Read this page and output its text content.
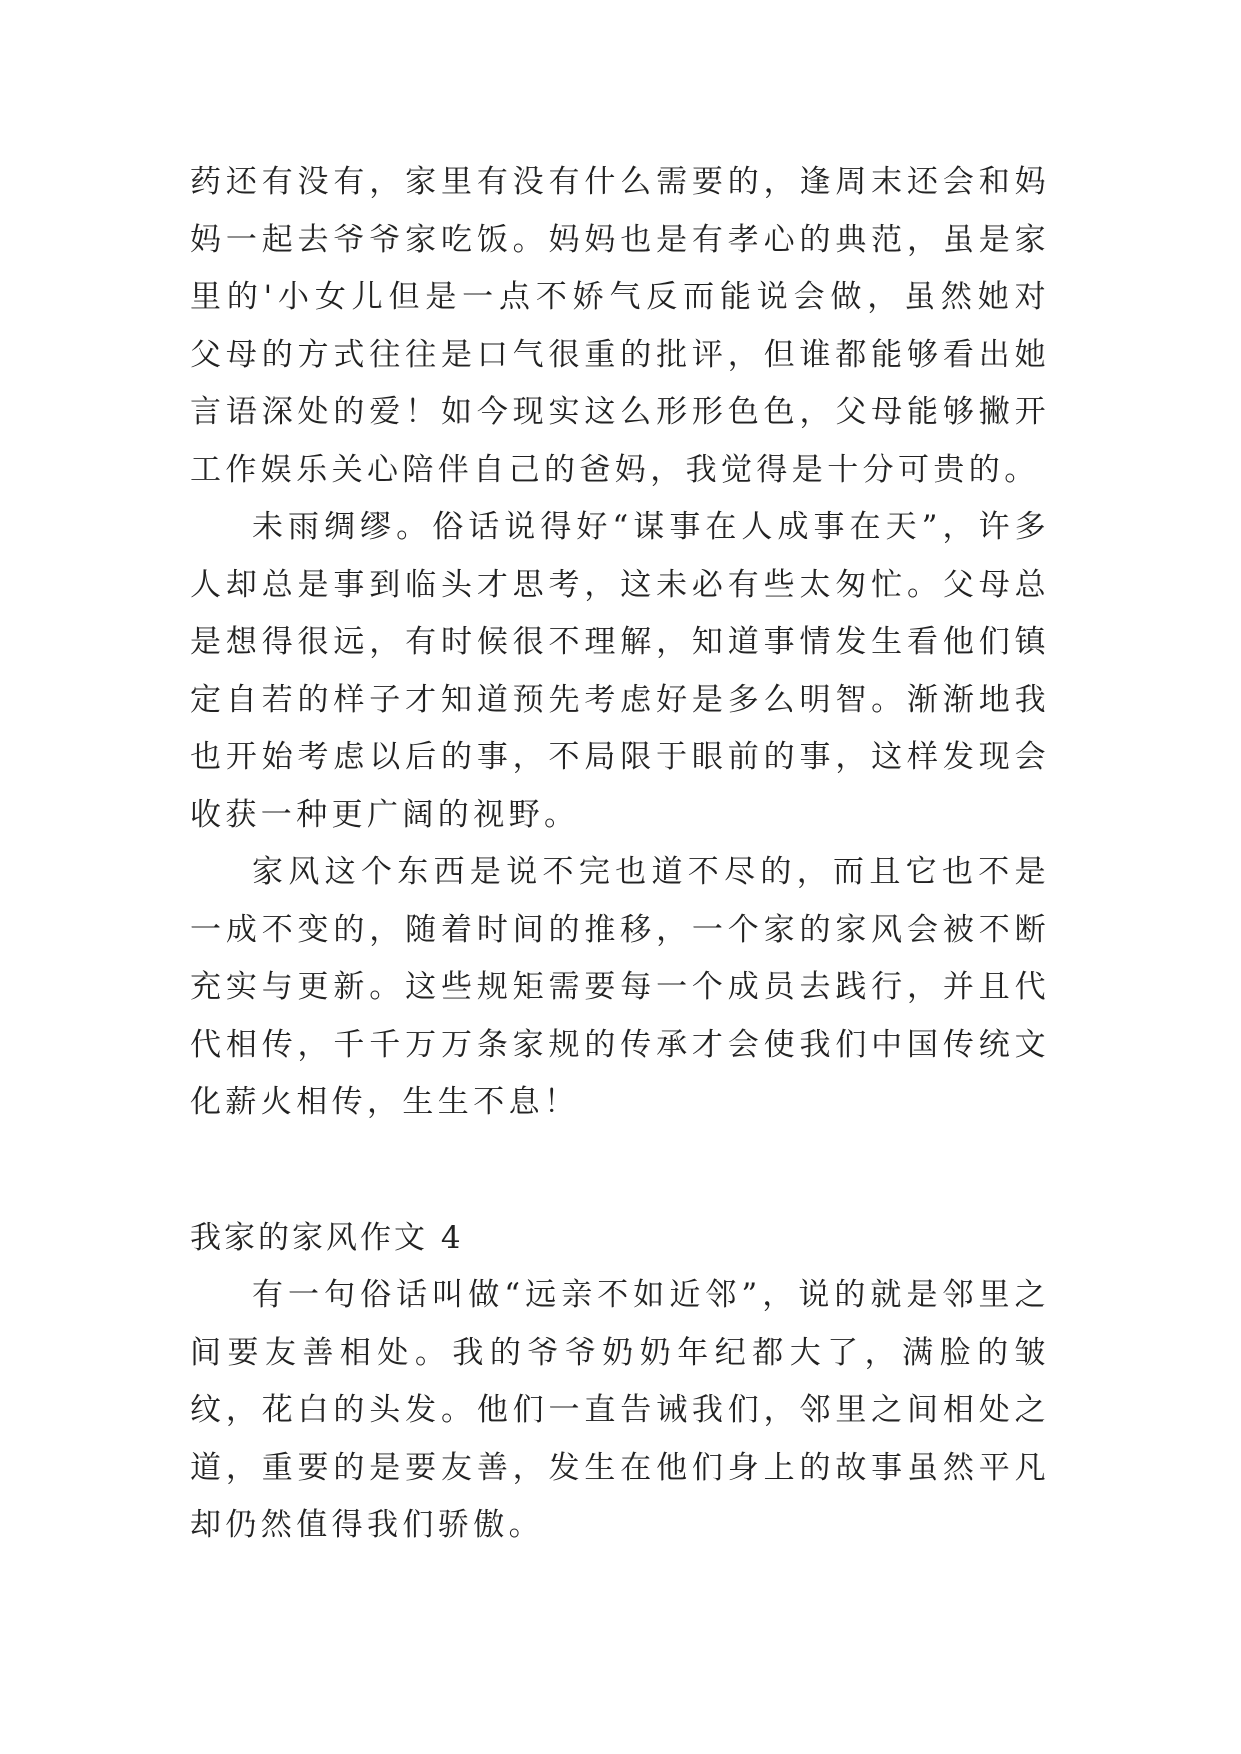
药还有没有，家里有没有什么需要的，逢周末还会和妈妈一起去爷爷家吃饭。妈妈也是有孝心的典范，虽是家里的'小女儿但是一点不娇气反而能说会做，虽然她对父母的方式往往是口气很重的批评，但谁都能够看出她言语深处的爱！如今现实这么形形色色，父母能够撇开工作娱乐关心陪伴自己的爸妈，我觉得是十分可贵的。

未雨绸缪。俗话说得好“谋事在人成事在天”，许多人却总是事到临头才思考，这未必有些太匆忙。父母总是想得很远，有时候很不理解，知道事情发生看他们镇定自若的样子才知道预先考虑好是多么明智。渐渐地我也开始考虑以后的事，不局限于眼前的事，这样发现会收获一种更广阔的视野。

家风这个东西是说不完也道不尽的，而且它也不是一成不变的，随着时间的推移，一个家的家风会被不断充实与更新。这些规矩需要每一个成员去践行，并且代代相传，千千万万条家规的传承才会使我们中国传统文化薪火相传，生生不息！

我家的家风作文 4

有一句俗话叫做“远亲不如近邻”，说的就是邻里之间要友善相处。我的爷爷奶奶年纪都大了，满脸的皱纹，花白的头发。他们一直告诫我们，邻里之间相处之道，重要的是要友善，发生在他们身上的故事虽然平凡却仍然值得我们骄傲。
